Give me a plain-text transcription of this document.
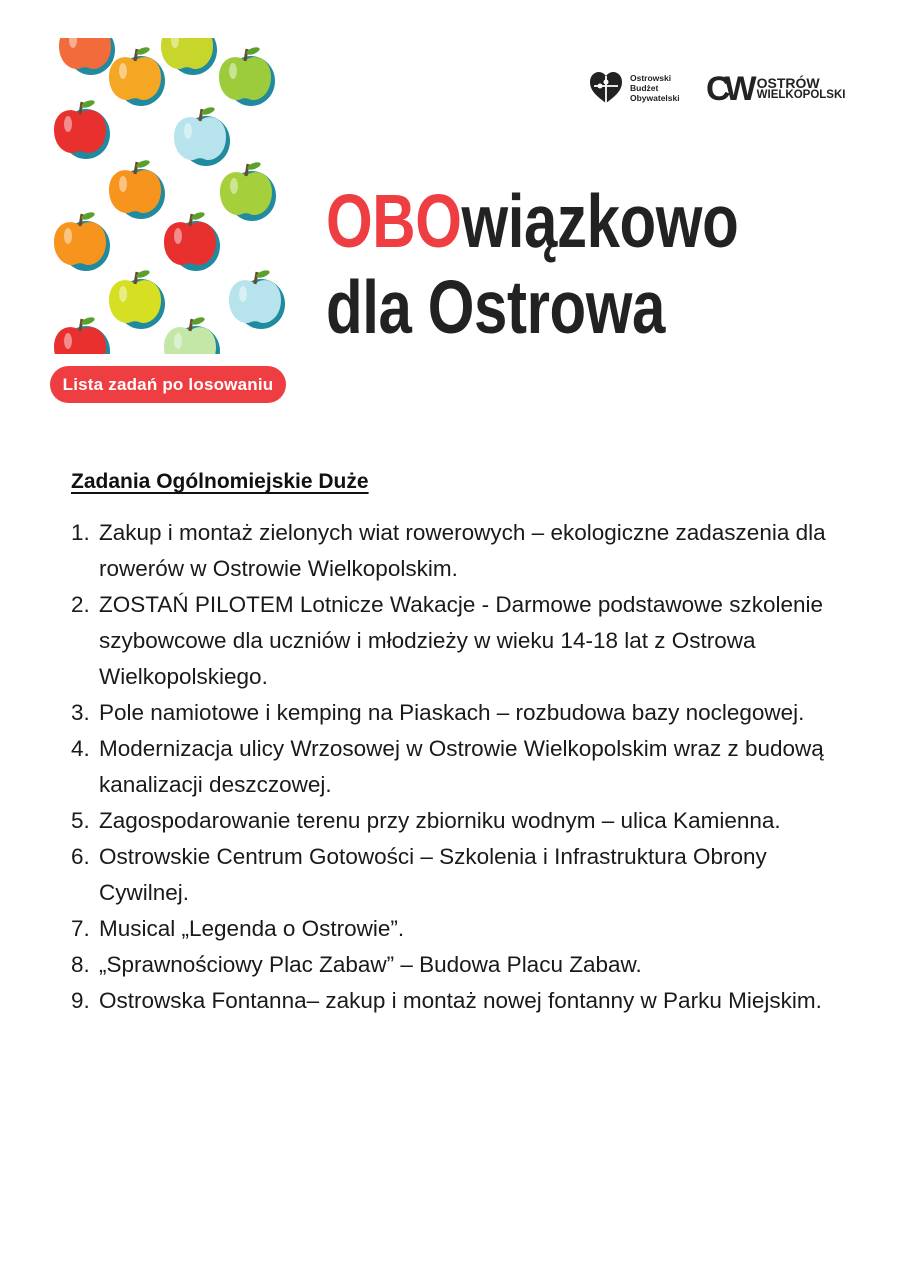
Lista zadań po losowaniu
Ostrowski
Budżet
Obywatelski CW OSTRÓW
WIELKOPOLSKI
OBOwiązkowo
dla Ostrowa
Zadania Ogólnomiejskie Duże
1. Zakup i montaż zielonych wiat rowerowych – ekologiczne zadaszenia dla rowerów w Ostrowie Wielkopolskim.
2. ZOSTAŃ PILOTEM Lotnicze Wakacje - Darmowe podstawowe szkolenie szybowcowe dla uczniów i młodzieży w wieku 14-18 lat z Ostrowa Wielkopolskiego.
3. Pole namiotowe i kemping na Piaskach – rozbudowa bazy noclegowej.
4. Modernizacja ulicy Wrzosowej w Ostrowie Wielkopolskim wraz z budową kanalizacji deszczowej.
5. Zagospodarowanie terenu przy zbiorniku wodnym – ulica Kamienna.
6. Ostrowskie Centrum Gotowości – Szkolenia i Infrastruktura Obrony Cywilnej.
7. Musical „Legenda o Ostrowie”.
8. „Sprawnościowy Plac Zabaw” – Budowa Placu Zabaw.
9. Ostrowska Fontanna– zakup i montaż nowej fontanny w Parku Miejskim.
